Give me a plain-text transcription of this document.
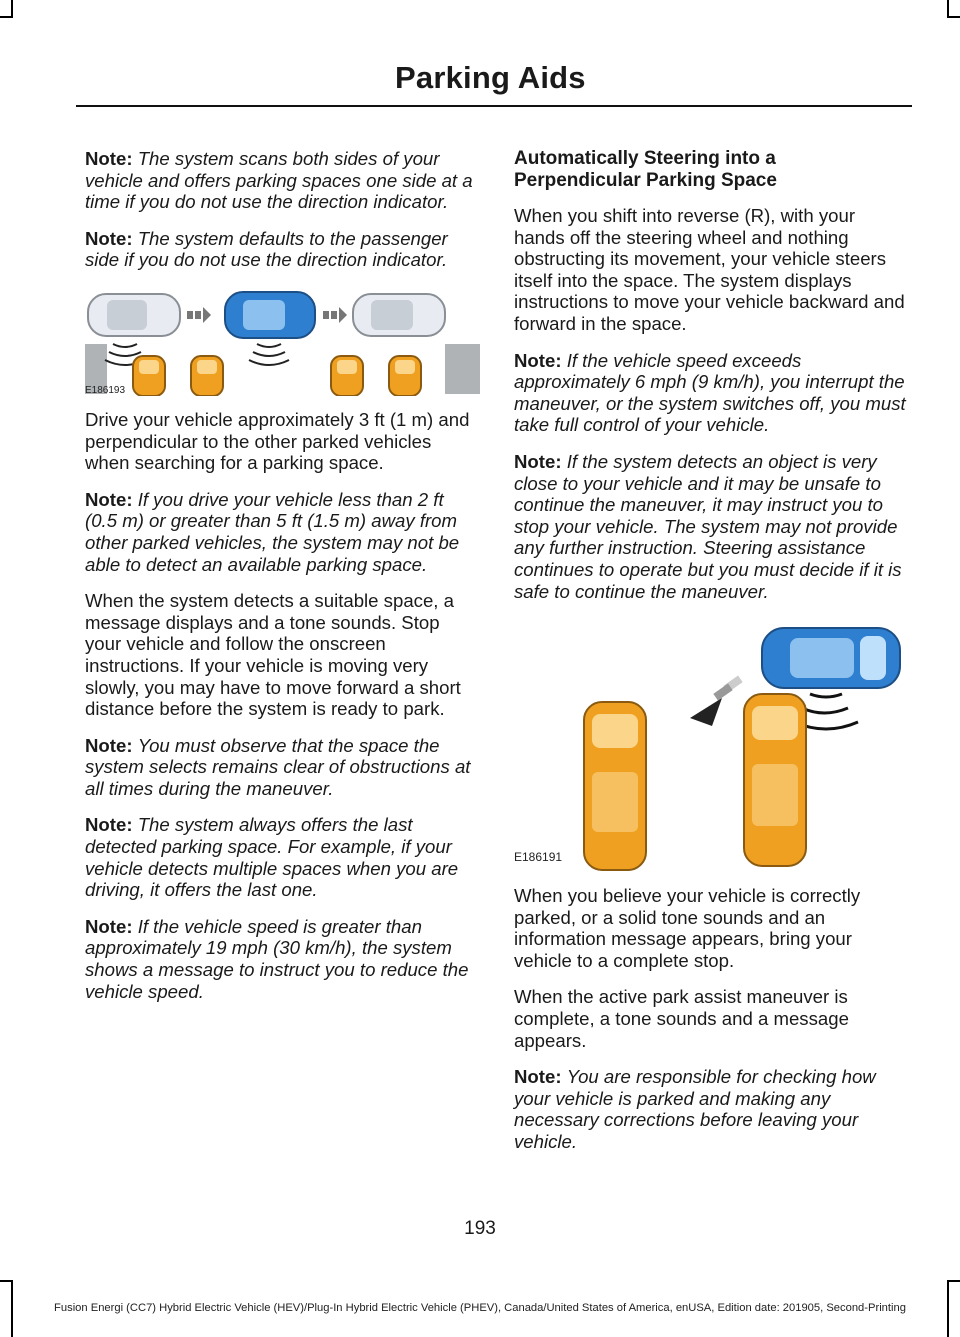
Parking Aids

Note: The system scans both sides of your vehicle and offers parking spaces one side at a time if you do not use the direction indicator.

Note: The system defaults to the passenger side if you do not use the direction indicator.

E186193

Drive your vehicle approximately 3 ft (1 m) and perpendicular to the other parked vehicles when searching for a parking space.

Note: If you drive your vehicle less than 2 ft (0.5 m) or greater than 5 ft (1.5 m) away from other parked vehicles, the system may not be able to detect an available parking space.

When the system detects a suitable space, a message displays and a tone sounds. Stop your vehicle and follow the onscreen instructions. If your vehicle is moving very slowly, you may have to move forward a short distance before the system is ready to park.

Note: You must observe that the space the system selects remains clear of obstructions at all times during the maneuver.

Note: The system always offers the last detected parking space. For example, if your vehicle detects multiple spaces when you are driving, it offers the last one.

Note: If the vehicle speed is greater than approximately 19 mph (30 km/h), the system shows a message to instruct you to reduce the vehicle speed.

Automatically Steering into a Perpendicular Parking Space

When you shift into reverse (R), with your hands off the steering wheel and nothing obstructing its movement, your vehicle steers itself into the space. The system displays instructions to move your vehicle backward and forward in the space.

Note: If the vehicle speed exceeds approximately 6 mph (9 km/h), you interrupt the maneuver, or the system switches off, you must take full control of your vehicle.

Note: If the system detects an object is very close to your vehicle and it may be unsafe to continue the maneuver, it may instruct you to stop your vehicle. The system may not provide any further instruction. Steering assistance continues to operate but you must decide if it is safe to continue the maneuver.

E186191

When you believe your vehicle is correctly parked, or a solid tone sounds and an information message appears, bring your vehicle to a complete stop.

When the active park assist maneuver is complete, a tone sounds and a message appears.

Note: You are responsible for checking how your vehicle is parked and making any necessary corrections before leaving your vehicle.

193
Fusion Energi (CC7) Hybrid Electric Vehicle (HEV)/Plug-In Hybrid Electric Vehicle (PHEV), Canada/United States of America, enUSA, Edition date: 201905, Second-Printing
